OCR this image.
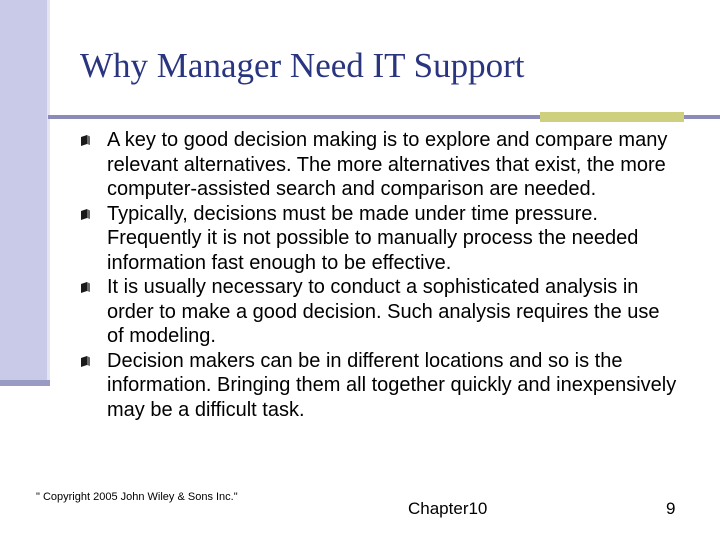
Why Manager Need IT Support
A key to good decision making is to explore and compare many relevant alternatives. The more alternatives that exist, the more computer-assisted search and comparison are needed.
Typically, decisions must be made under time pressure. Frequently it is not possible to manually process the needed information fast enough to be effective.
It is usually necessary to conduct a sophisticated analysis in order to make a good decision. Such analysis requires the use of modeling.
Decision makers can be in different locations and so is the information. Bringing them all together quickly and inexpensively may be a difficult task.
" Copyright 2005 John Wiley & Sons Inc."
Chapter10	9
